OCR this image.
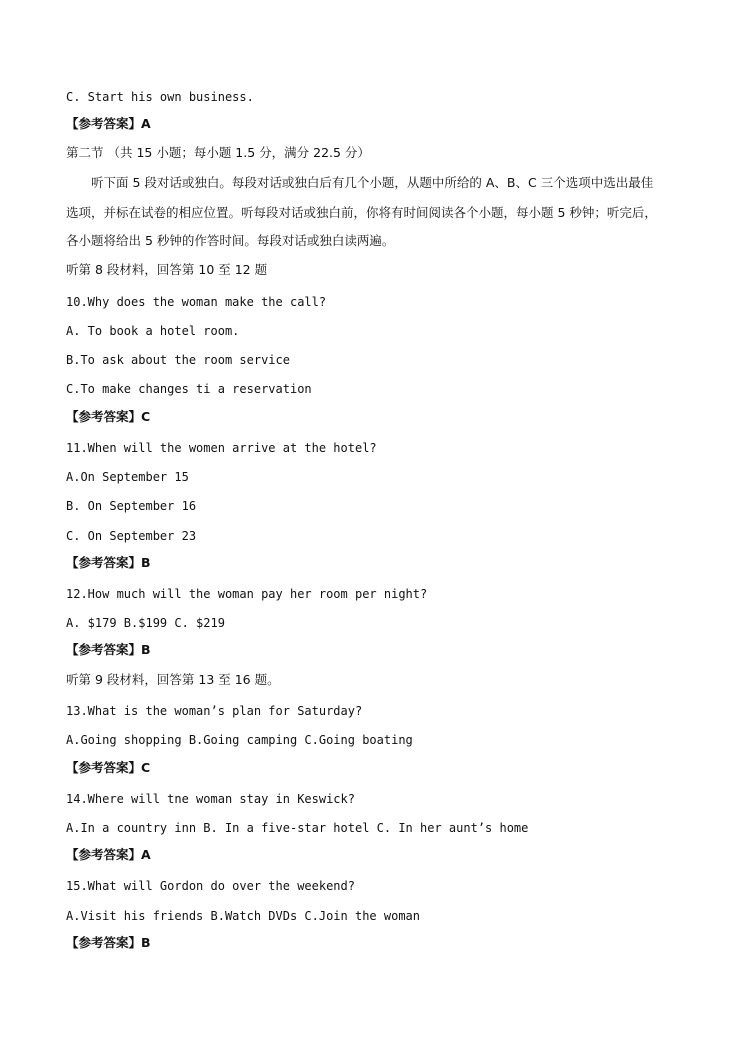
C. Start his own business.
【参考答案】A
第二节 （共 15 小题；每小题 1.5 分，满分 22.5 分）
听下面 5 段对话或独白。每段对话或独白后有几个小题，从题中所给的 A、B、C 三个选项中选出最佳
选项，并标在试卷的相应位置。听每段对话或独白前，你将有时间阅读各个小题，每小题 5 秒钟；听完后，
各小题将给出 5 秒钟的作答时间。每段对话或独白读两遍。
听第 8 段材料，回答第 10 至 12 题
10.Why does the woman make the call?
A. To book a hotel room.
B.To ask about the room service
C.To make changes ti a reservation
【参考答案】C
11.When will the women arrive at the hotel?
A.On September 15
B. On September 16
C. On September 23
【参考答案】B
12.How much will the woman pay her room per night?
A. $179 B.$199 C. $219
【参考答案】B
听第 9 段材料，回答第 13 至 16 题。
13.What is the woman’s plan for Saturday?
A.Going shopping B.Going camping C.Going boating
【参考答案】C
14.Where will tne woman stay in Keswick?
A.In a country inn B. In a five-star hotel C. In her aunt’s home
【参考答案】A
15.What will Gordon do over the weekend?
A.Visit his friends B.Watch DVDs C.Join the woman
【参考答案】B
